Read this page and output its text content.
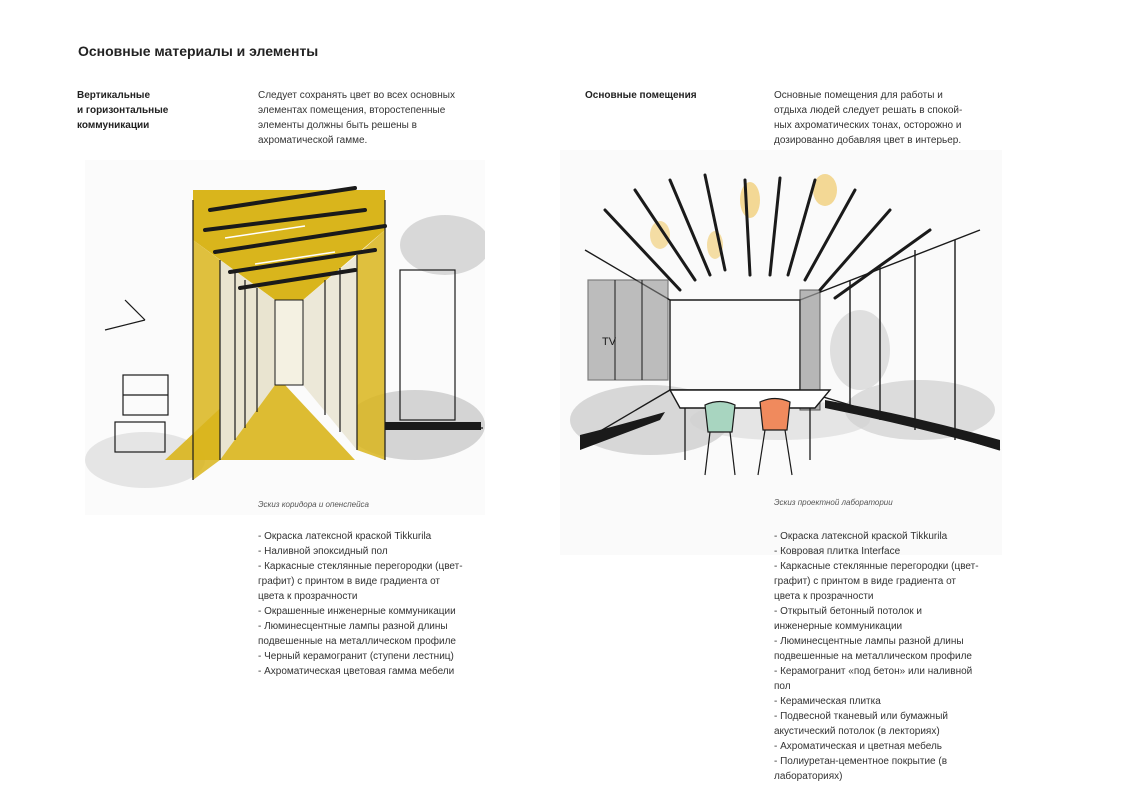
Основные материалы и элементы
Вертикальные
и горизонтальные
коммуникации
Следует сохранять цвет во всех основных
элементах помещения, второстепенные
элементы должны быть решены в
ахроматической гамме.
Эскиз коридора и опенспейса
- Окраска латексной краской Tikkurila
- Наливной эпоксидный пол
- Каркасные стеклянные перегородки (цвет-
графит) с принтом в виде градиента от
цвета к прозрачности
- Окрашенные инженерные коммуникации
- Люминесцентные лампы разной длины
подвешенные на металлическом профиле
- Черный керамогранит (ступени лестниц)
- Ахроматическая цветовая гамма мебели
Основные помещения	Основные помещения для работы и
отдыха людей следует решать в спокой-
ных ахроматических тонах, осторожно и
дозированно добавляя цвет в интерьер.
TV
Эскиз проектной лаборатории
- Окраска латексной краской Tikkurila
- Ковровая плитка Interface
- Каркасные стеклянные перегородки (цвет-
графит) с принтом в виде градиента от
цвета к прозрачности
- Открытый бетонный потолок и
инженерные коммуникации
- Люминесцентные лампы разной длины
подвешенные на металлическом профиле
- Керамогранит «под бетон» или наливной
пол
- Керамическая плитка
- Подвесной тканевый или бумажный
акустический потолок (в лекториях)
- Ахроматическая и цветная мебель
- Полиуретан-цементное покрытие (в
лабораториях)
